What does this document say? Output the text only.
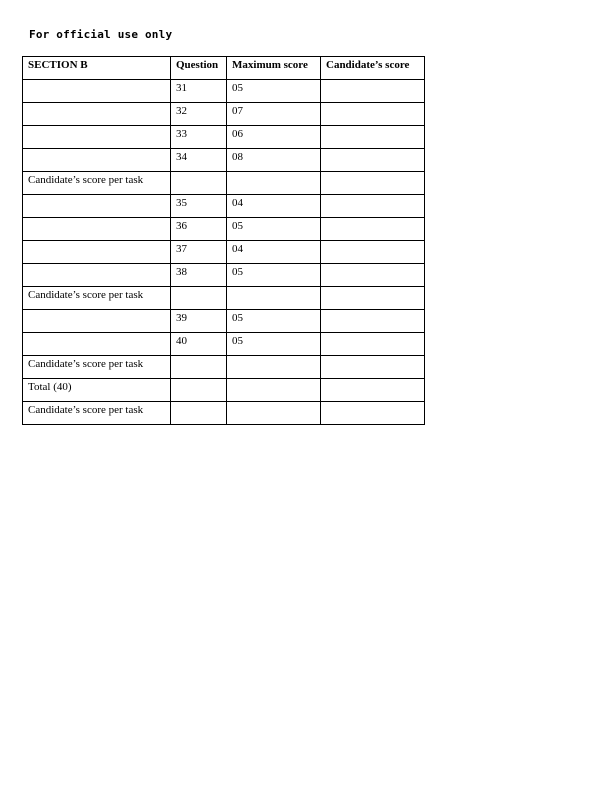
For official use only

SECTION B	Question	Maximum score	Candidate’s score
	31	05	
	32	07	
	33	06	
	34	08	
Candidate’s score per task			
	35	04	
	36	05	
	37	04	
	38	05	
Candidate’s score per task			
	39	05	
	40	05	
Candidate’s score per task			
Total (40)			
Candidate’s score per task			
